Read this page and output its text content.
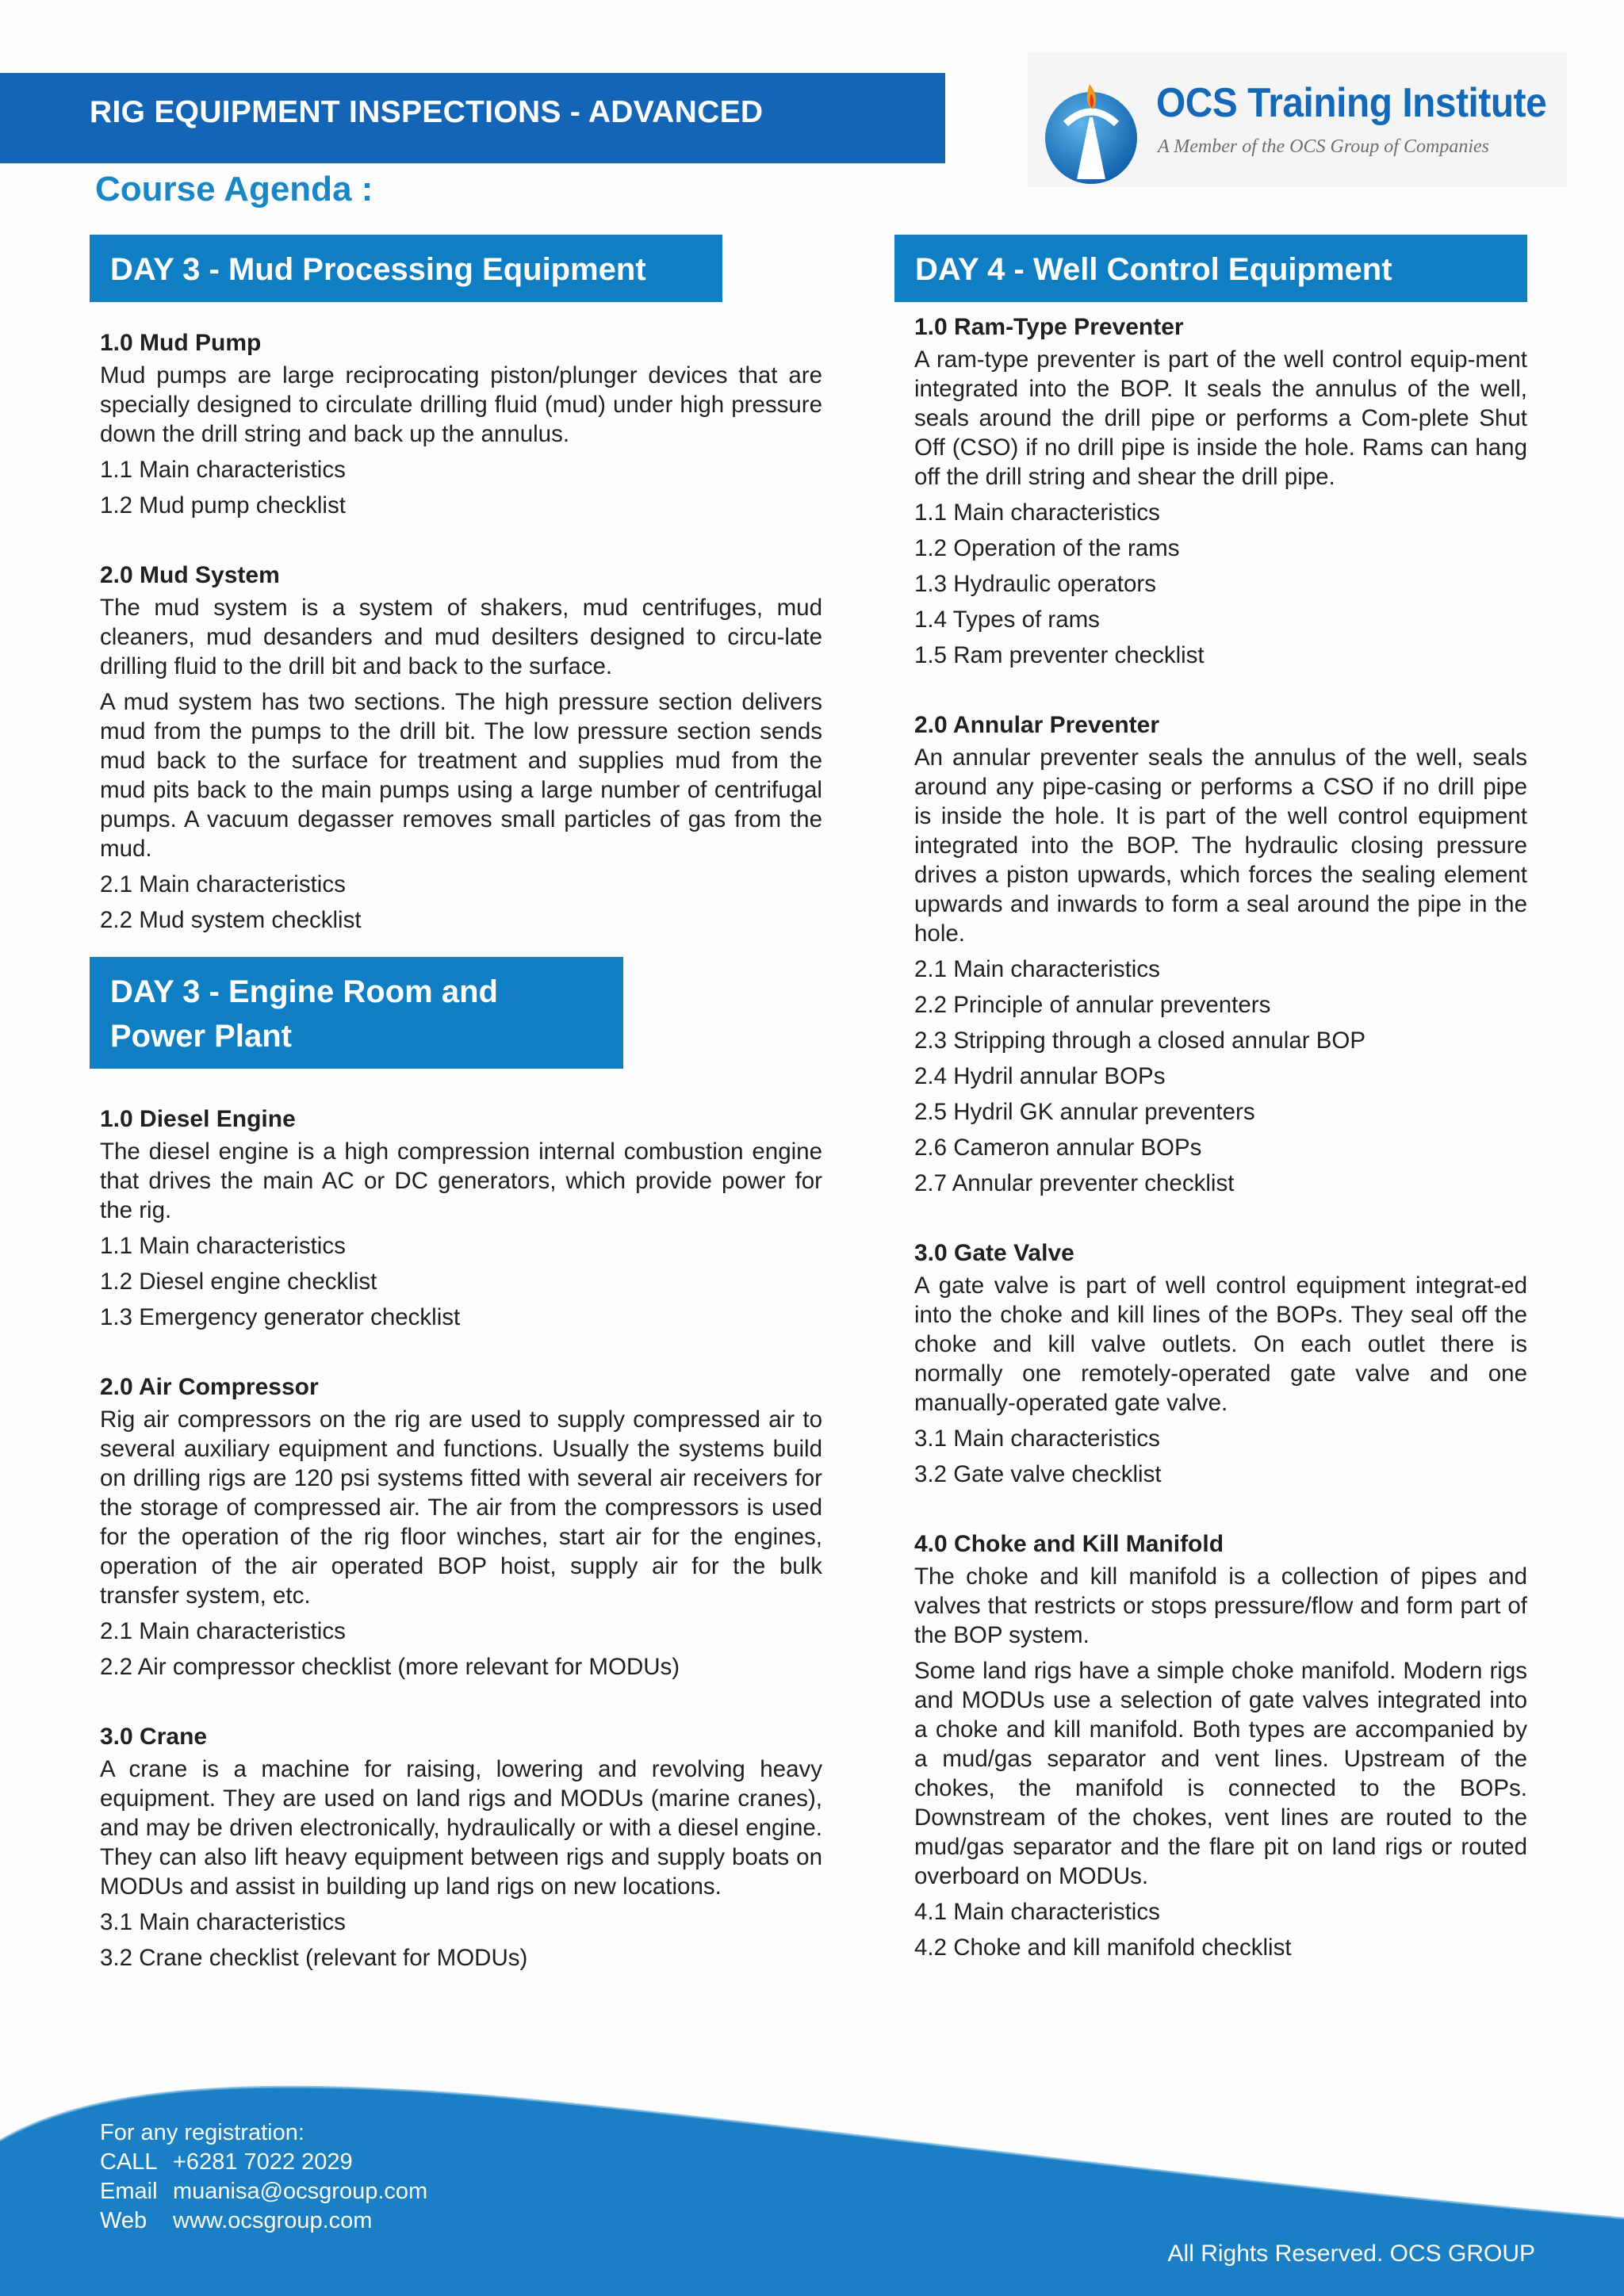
RIG EQUIPMENT INSPECTIONS - ADVANCED	OCS Training Institute
A Member of the OCS Group of Companies
Course Agenda :
DAY 3 - Mud Processing Equipment
1.0 Mud Pump

Mud pumps are large reciprocating piston/plunger devices that are specially designed to circulate drilling fluid (mud) under high pressure down the drill string and back up the annulus.

1.1 Main characteristics
1.2 Mud pump checklist
2.0 Mud System

The mud system is a system of shakers, mud centrifuges, mud cleaners, mud desanders and mud desilters designed to circu-late drilling fluid to the drill bit and back to the surface.

A mud system has two sections. The high pressure section delivers mud from the pumps to the drill bit. The low pressure section sends mud back to the surface for treatment and supplies mud from the mud pits back to the main pumps using a large number of centrifugal pumps. A vacuum degasser removes small particles of gas from the mud.

2.1 Main characteristics
2.2 Mud system checklist
DAY 3 - Engine Room and
Power Plant
1.0 Diesel Engine

The diesel engine is a high compression internal combustion engine that drives the main AC or DC generators, which provide power for the rig.

1.1 Main characteristics
1.2 Diesel engine checklist
1.3 Emergency generator checklist
2.0 Air Compressor

Rig air compressors on the rig are used to supply compressed air to several auxiliary equipment and functions. Usually the systems build on drilling rigs are 120 psi systems fitted with several air receivers for the storage of compressed air. The air from the compressors is used for the operation of the rig floor winches, start air for the engines, operation of the air operated BOP hoist, supply air for the bulk transfer system, etc.

2.1 Main characteristics
2.2 Air compressor checklist (more relevant for MODUs)
3.0 Crane

A crane is a machine for raising, lowering and revolving heavy equipment. They are used on land rigs and MODUs (marine cranes), and may be driven electronically, hydraulically or with a diesel engine. They can also lift heavy equipment between rigs and supply boats on MODUs and assist in building up land rigs on new locations.

3.1 Main characteristics
3.2 Crane checklist (relevant for MODUs)
DAY 4 - Well Control Equipment
1.0 Ram-Type Preventer

A ram-type preventer is part of the well control equip-ment integrated into the BOP. It seals the annulus of the well, seals around the drill pipe or performs a Com-plete Shut Off (CSO) if no drill pipe is inside the hole. Rams can hang off the drill string and shear the drill pipe.

1.1 Main characteristics
1.2 Operation of the rams
1.3 Hydraulic operators
1.4 Types of rams
1.5 Ram preventer checklist
2.0 Annular Preventer

An annular preventer seals the annulus of the well, seals around any pipe-casing or performs a CSO if no drill pipe is inside the hole. It is part of the well control equipment integrated into the BOP. The hydraulic closing pressure drives a piston upwards, which forces the sealing element upwards and inwards to form a seal around the pipe in the hole.

2.1 Main characteristics
2.2 Principle of annular preventers
2.3 Stripping through a closed annular BOP
2.4 Hydril annular BOPs
2.5 Hydril GK annular preventers
2.6 Cameron annular BOPs
2.7 Annular preventer checklist
3.0 Gate Valve

A gate valve is part of well control equipment integrat-ed into the choke and kill lines of the BOPs. They seal off the choke and kill valve outlets. On each outlet there is normally one remotely-operated gate valve and one manually-operated gate valve.

3.1 Main characteristics
3.2 Gate valve checklist
4.0 Choke and Kill Manifold

The choke and kill manifold is a collection of pipes and valves that restricts or stops pressure/flow and form part of the BOP system.

Some land rigs have a simple choke manifold. Modern rigs and MODUs use a selection of gate valves integrated into a choke and kill manifold. Both types are accompanied by a mud/gas separator and vent lines. Upstream of the chokes, the manifold is connected to the BOPs. Downstream of the chokes, vent lines are routed to the mud/gas separator and the flare pit on land rigs or routed overboard on MODUs.

4.1 Main characteristics
4.2 Choke and kill manifold checklist
For any registration:
CALL +6281 7022 2029
Email muanisa@ocsgroup.com
Web www.ocsgroup.com
All Rights Reserved. OCS GROUP
